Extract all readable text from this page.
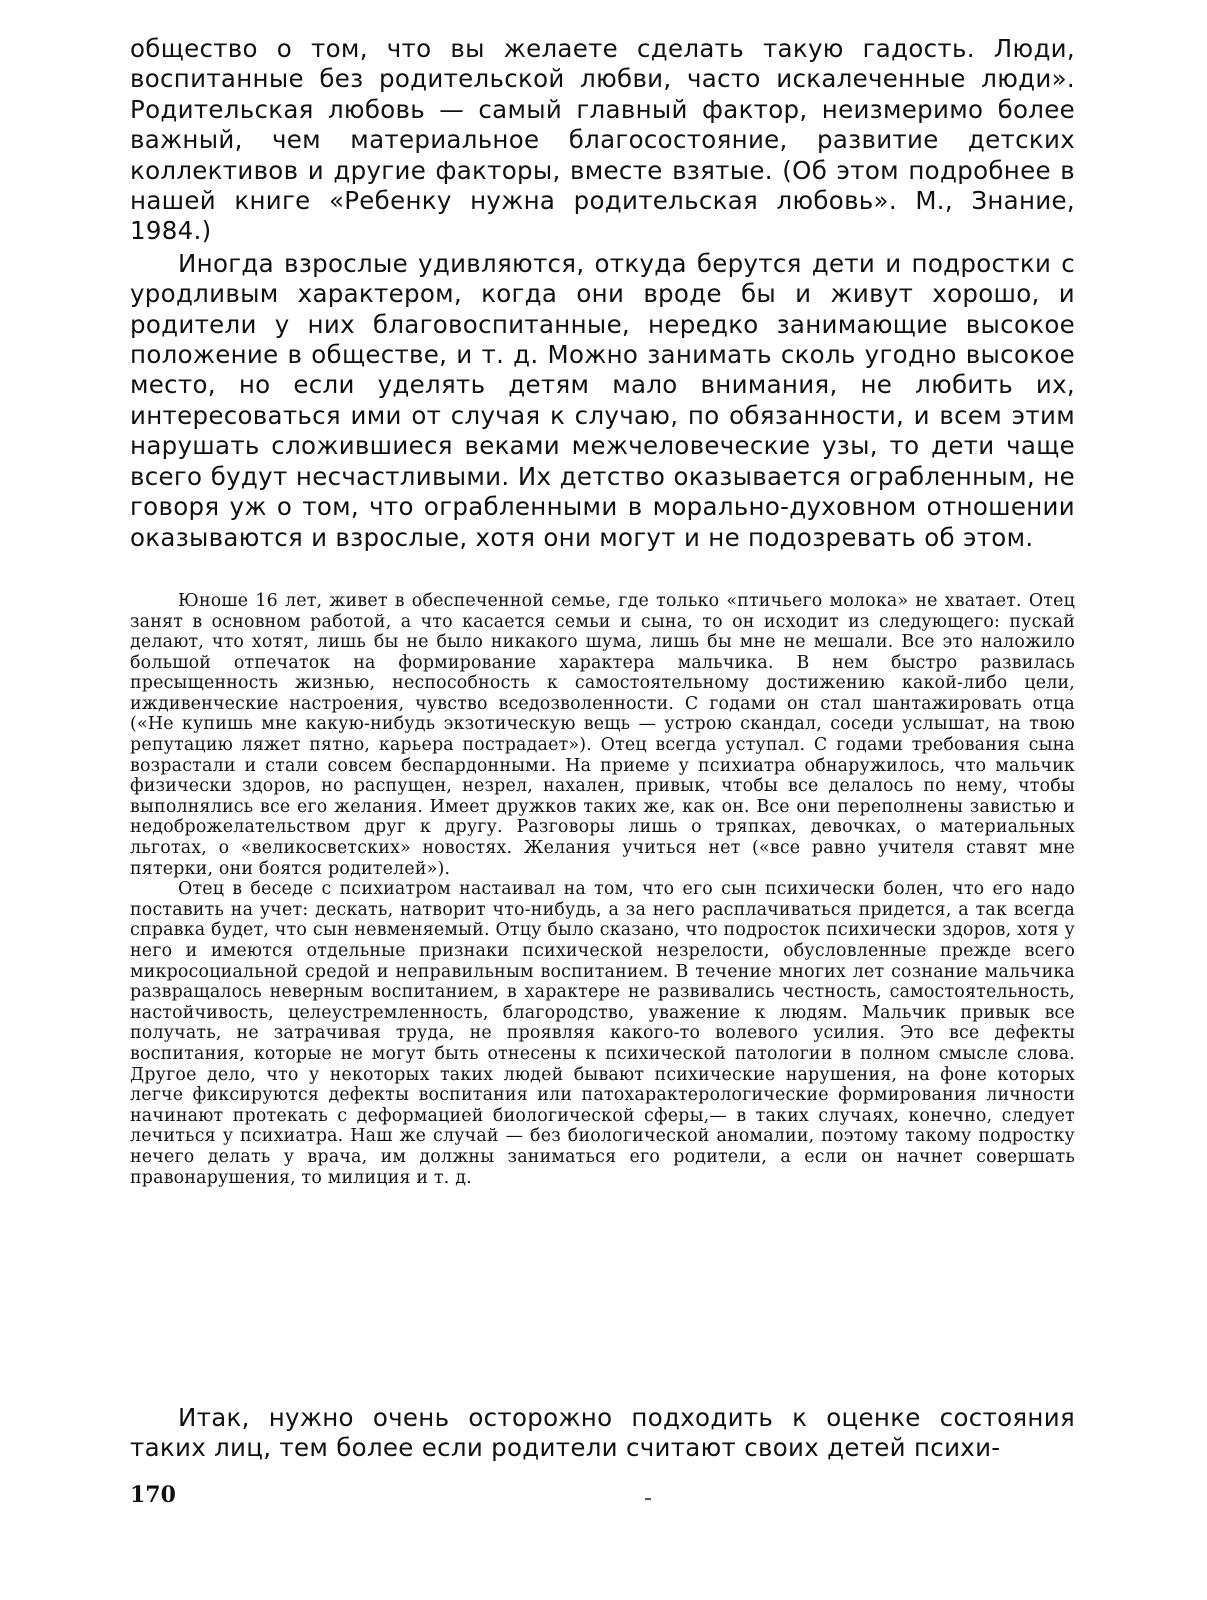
общество о том, что вы желаете сделать такую гадость. Люди, воспитанные без родительской любви, часто искалеченные люди». Родительская любовь — самый главный фактор, неизмеримо более важный, чем материальное благосостояние, развитие детских коллективов и другие факторы, вместе взятые. (Об этом подробнее в нашей книге «Ребенку нужна родительская любовь». М., Знание, 1984.)

Иногда взрослые удивляются, откуда берутся дети и подростки с уродливым характером, когда они вроде бы и живут хорошо, и родители у них благовоспитанные, нередко занимающие высокое положение в обществе, и т. д. Можно занимать сколь угодно высокое место, но если уделять детям мало внимания, не любить их, интересоваться ими от случая к случаю, по обязанности, и всем этим нарушать сложившиеся веками межчеловеческие узы, то дети чаще всего будут несчастливыми. Их детство оказывается ограбленным, не говоря уж о том, что ограбленными в морально-духовном отношении оказываются и взрослые, хотя они могут и не подозревать об этом.

Юноше 16 лет, живет в обеспеченной семье, где только «птичьего молока» не хватает. Отец занят в основном работой, а что касается семьи и сына, то он исходит из следующего: пускай делают, что хотят, лишь бы не было никакого шума, лишь бы мне не мешали. Все это наложило большой отпечаток на формирование характера мальчика. В нем быстро развилась пресыщенность жизнью, неспособность к самостоятельному достижению какой-либо цели, иждивенческие настроения, чувство вседозволенности. С годами он стал шантажировать отца («Не купишь мне какую-нибудь экзотическую вещь — устрою скандал, соседи услышат, на твою репутацию ляжет пятно, карьера пострадает»). Отец всегда уступал. С годами требования сына возрастали и стали совсем беспардонными. На приеме у психиатра обнаружилось, что мальчик физически здоров, но распущен, незрел, нахален, привык, чтобы все делалось по нему, чтобы выполнялись все его желания. Имеет дружков таких же, как он. Все они переполнены завистью и недоброжелательством друг к другу. Разговоры лишь о тряпках, девочках, о материальных льготах, о «великосветских» новостях. Желания учиться нет («все равно учителя ставят мне пятерки, они боятся родителей»).

Отец в беседе с психиатром настаивал на том, что его сын психически болен, что его надо поставить на учет: дескать, натворит что-нибудь, а за него расплачиваться придется, а так всегда справка будет, что сын невменяемый. Отцу было сказано, что подросток психически здоров, хотя у него и имеются отдельные признаки психической незрелости, обусловленные прежде всего микросоциальной средой и неправильным воспитанием. В течение многих лет сознание мальчика развращалось неверным воспитанием, в характере не развивались честность, самостоятельность, настойчивость, целеустремленность, благородство, уважение к людям. Мальчик привык все получать, не затрачивая труда, не проявляя какого-то волевого усилия. Это все дефекты воспитания, которые не могут быть отнесены к психической патологии в полном смысле слова. Другое дело, что у некоторых таких людей бывают психические нарушения, на фоне которых легче фиксируются дефекты воспитания или патохарактерологические формирования личности начинают протекать с деформацией биологической сферы,— в таких случаях, конечно, следует лечиться у психиатра. Наш же случай — без биологической аномалии, поэтому такому подростку нечего делать у врача, им должны заниматься его родители, а если он начнет совершать правонарушения, то милиция и т. д.

Итак, нужно очень осторожно подходить к оценке состояния таких лиц, тем более если родители считают своих детей психи-

170
